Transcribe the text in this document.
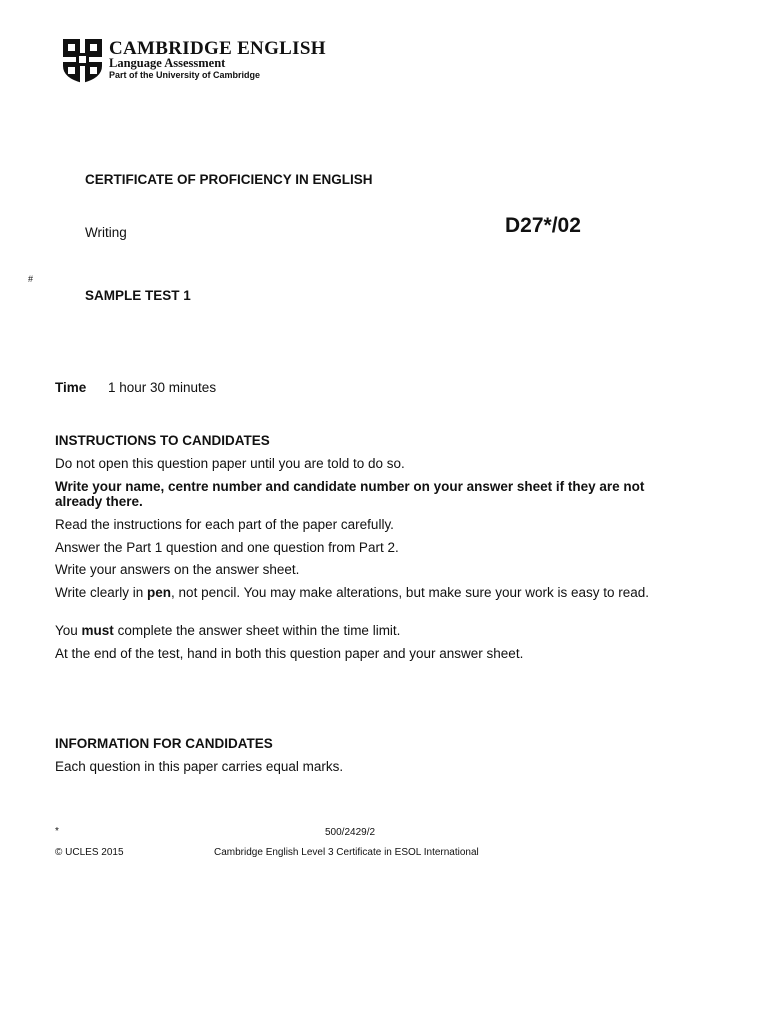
CAMBRIDGE ENGLISH
Language Assessment
Part of the University of Cambridge
CERTIFICATE OF PROFICIENCY IN ENGLISH
Writing	D27*/02
#
SAMPLE TEST 1
Time 1 hour 30 minutes
INSTRUCTIONS TO CANDIDATES
Do not open this question paper until you are told to do so.
Write your name, centre number and candidate number on your answer sheet if they are not already there.
Read the instructions for each part of the paper carefully.
Answer the Part 1 question and one question from Part 2.
Write your answers on the answer sheet.
Write clearly in pen, not pencil. You may make alterations, but make sure your work is easy to read.
You must complete the answer sheet within the time limit.
At the end of the test, hand in both this question paper and your answer sheet.
INFORMATION FOR CANDIDATES
Each question in this paper carries equal marks.
*	500/2429/2
© UCLES 2015	Cambridge English Level 3 Certificate in ESOL International
